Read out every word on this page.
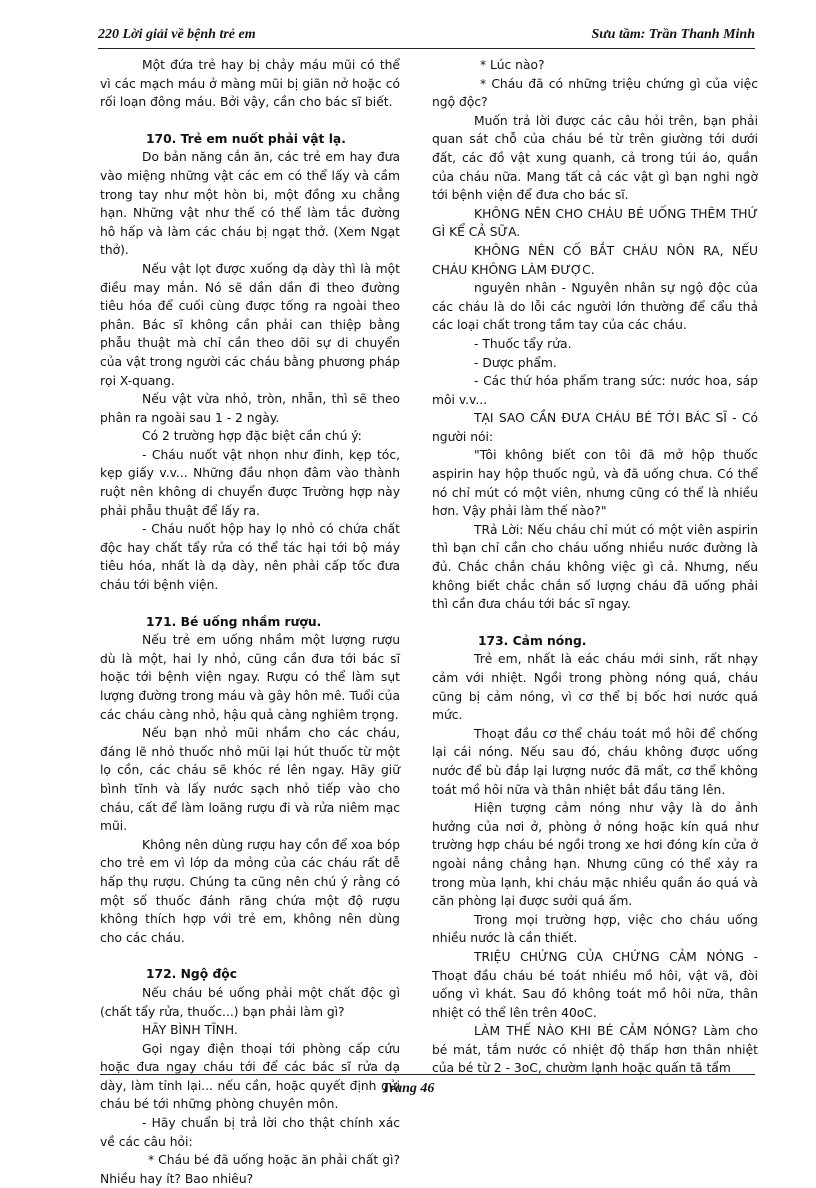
220 Lời giải về bệnh trẻ em	Sưu tầm: Trần Thanh Minh

Một đứa trẻ hay bị chảy máu mũi có thể vì các mạch máu ở màng mũi bị giãn nở hoặc có rối loạn đông máu. Bởi vậy, cần cho bác sĩ biết.

170. Trẻ em nuốt phải vật lạ.

Do bản năng cắn ăn, các trẻ em hay đưa vào miệng những vật các em có thể lấy và cầm trong tay như một hòn bi, một đồng xu chẳng hạn. Những vật như thế có thể làm tắc đường hô hấp và làm các cháu bị ngạt thở. (Xem Ngạt thở).

Nếu vật lọt được xuống dạ dày thì là một điều may mắn. Nó sẽ dần dần đi theo đường tiêu hóa để cuối cùng được tống ra ngoài theo phân. Bác sĩ không cần phải can thiệp bằng phẫu thuật mà chỉ cần theo dõi sự di chuyển của vật trong người các cháu bằng phương pháp rọi X-quang.

Nếu vật vừa nhỏ, tròn, nhẵn, thì sẽ theo phân ra ngoài sau 1 - 2 ngày.

Có 2 trường hợp đặc biệt cần chú ý:

- Cháu nuốt vật nhọn như đinh, kẹp tóc, kẹp giấy v.v... Những đầu nhọn đâm vào thành ruột nên không di chuyển được Trường hợp này phải phẫu thuật để lấy ra.

- Cháu nuốt hộp hay lọ nhỏ có chứa chất độc hay chất tẩy rửa có thể tác hại tới bộ máy tiêu hóa, nhất là dạ dày, nên phải cấp tốc đưa cháu tới bệnh viện.

171. Bé uống nhầm rượu.

Nếu trẻ em uống nhầm một lượng rượu dù là một, hai ly nhỏ, cũng cần đưa tới bác sĩ hoặc tới bệnh viện ngay. Rượu có thể làm sụt lượng đường trong máu và gây hôn mê. Tuổi của các cháu càng nhỏ, hậu quả càng nghiêm trọng.

Nếu bạn nhỏ mũi nhầm cho các cháu, đáng lẽ nhỏ thuốc nhỏ mũi lại hút thuốc từ một lọ cồn, các cháu sẽ khóc ré lên ngay. Hãy giữ bình tĩnh và lấy nước sạch nhỏ tiếp vào cho cháu, cất để làm loãng rượu đi và rửa niêm mạc mũi.

Không nên dùng rượu hay cồn để xoa bóp cho trẻ em vì lớp da mỏng của các cháu rất dễ hấp thụ rượu. Chúng ta cũng nên chú ý rằng có một số thuốc đánh răng chứa một độ rượu không thích hợp với trẻ em, không nên dùng cho các cháu.

172. Ngộ độc

Nếu cháu bé uống phải một chất độc gì (chất tẩy rửa, thuốc...) bạn phải làm gì?

HÃY BÌNH TĨNH.

Gọi ngay điện thoại tới phòng cấp cứu hoặc đưa ngay cháu tới để các bác sĩ rửa dạ dày, làm tỉnh lại... nếu cần, hoặc quyết định gửi cháu bé tới những phòng chuyên môn.

- Hãy chuẩn bị trả lời cho thật chính xác về các câu hỏi:

* Cháu bé đã uống hoặc ăn phải chất gì? Nhiều hay ít? Bao nhiêu?

* Lúc nào?

* Cháu đã có những triệu chứng gì của việc ngộ độc?

Muốn trả lời được các câu hỏi trên, bạn phải quan sát chỗ của cháu bé từ trên giường tới dưới đất, các đồ vật xung quanh, cả trong túi áo, quần của cháu nữa. Mang tất cả các vật gì bạn nghi ngờ tới bệnh viện để đưa cho bác sĩ.

KHÔNG NÊN CHO CHÁU BÉ UỐNG THÊM THỨ GÌ KỂ CẢ SỮA.

KHÔNG NÊN CỐ BẮT CHÁU NÔN RA, NẾU CHÁU KHÔNG LÀM ĐƯỢC.

nguyên nhân - Nguyên nhân sự ngộ độc của các cháu là do lỗi các người lớn thường để cẩu thả các loại chất trong tầm tay của các cháu.

- Thuốc tẩy rửa.

- Dược phẩm.

- Các thứ hóa phẩm trang sức: nước hoa, sáp môi v.v...

TẠI SAO CẦN ĐƯA CHÁU BÉ TỚI BÁC SĨ - Có người nói:

"Tôi không biết con tôi đã mở hộp thuốc aspirin hay hộp thuốc ngủ, và đã uống chưa. Có thể nó chỉ mút có một viên, nhưng cũng có thể là nhiều hơn. Vậy phải làm thế nào?"

TRả Lời: Nếu cháu chỉ mút có một viên aspirin thì bạn chỉ cần cho cháu uống nhiều nước đường là đủ. Chắc chắn cháu không việc gì cả. Nhưng, nếu không biết chắc chắn số lượng cháu đã uống phải thì cần đưa cháu tới bác sĩ ngay.

173. Cảm nóng.

Trẻ em, nhất là eác cháu mới sinh, rất nhạy cảm với nhiệt. Ngồi trong phòng nóng quá, cháu cũng bị cảm nóng, vì cơ thể bị bốc hơi nước quá mức.

Thoạt đầu cơ thể cháu toát mồ hôi để chống lại cái nóng. Nếu sau đó, cháu không được uống nước để bù đắp lại lượng nước đã mất, cơ thể không toát mồ hôi nữa và thân nhiệt bắt đầu tăng lên.

Hiện tượng cảm nóng như vậy là do ảnh hưởng của nơi ở, phòng ở nóng hoặc kín quá như trường hợp cháu bé ngồi trong xe hơi đóng kín cửa ở ngoài nắng chẳng hạn. Nhưng cũng có thể xảy ra trong mùa lạnh, khi cháu mặc nhiều quần áo quá và căn phòng lại được sưởi quá ấm.

Trong mọi trường hợp, việc cho cháu uống nhiều nước là cần thiết.

TRIỆU CHỨNG CỦA CHỨNG CẢM NÓNG - Thoạt đầu cháu bé toát nhiều mồ hôi, vật vã, đòi uống vì khát. Sau đó không toát mồ hôi nữa, thân nhiệt có thể lên trên 40oC.

LÀM THẾ NÀO KHI BÉ CẢM NÓNG? Làm cho bé mát, tắm nước có nhiệt độ thấp hơn thân nhiệt của bé từ 2 - 3oC, chườm lạnh hoặc quấn tã tẩm

Trang 46
